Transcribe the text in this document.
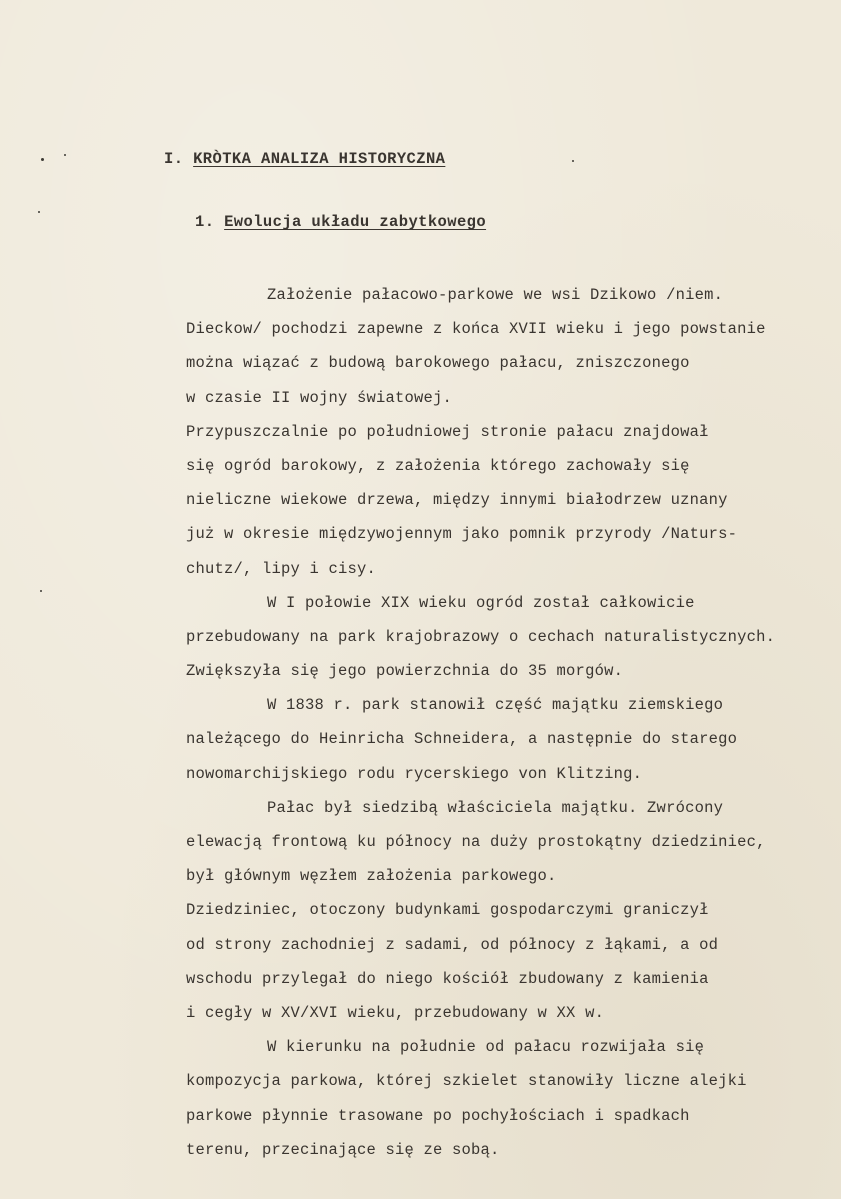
I. KRÒTKA ANALIZA HISTORYCZNA
1. Ewolucja układu zabytkowego
Założenie pałacowo-parkowe we wsi Dzikowo /niem.
Dieckow/ pochodzi zapewne z końca XVII wieku i jego powstanie
można wiązać z budową barokowego pałacu, zniszczonego
w czasie II wojny światowej.
Przypuszczalnie po południowej stronie pałacu znajdował
się ogród barokowy, z założenia którego zachowały się
nieliczne wiekowe drzewa, między innymi białodrzew uznany
już w okresie międzywojennym jako pomnik przyrody /Naturs-
chutz/, lipy i cisy.
W I połowie XIX wieku ogród został całkowicie
przebudowany na park krajobrazowy o cechach naturalistycznych.
Zwiększyła się jego powierzchnia do 35 morgów.
W 1838 r. park stanowił część majątku ziemskiego
należącego do Heinricha Schneidera, a następnie do starego
nowomarchijskiego rodu rycerskiego von Klitzing.
Pałac był siedzibą właściciela majątku. Zwrócony
elewacją frontową ku północy na duży prostokątny dziedziniec,
był głównym węzłem założenia parkowego.
Dziedziniec, otoczony budynkami gospodarczymi graniczył
od strony zachodniej z sadami, od północy z łąkami, a od
wschodu przylegał do niego kościół zbudowany z kamienia
i cegły w XV/XVI wieku, przebudowany w XX w.
W kierunku na południe od pałacu rozwijała się
kompozycja parkowa, której szkielet stanowiły liczne alejki
parkowe płynnie trasowane po pochyłościach i spadkach
terenu, przecinające się ze sobą.
